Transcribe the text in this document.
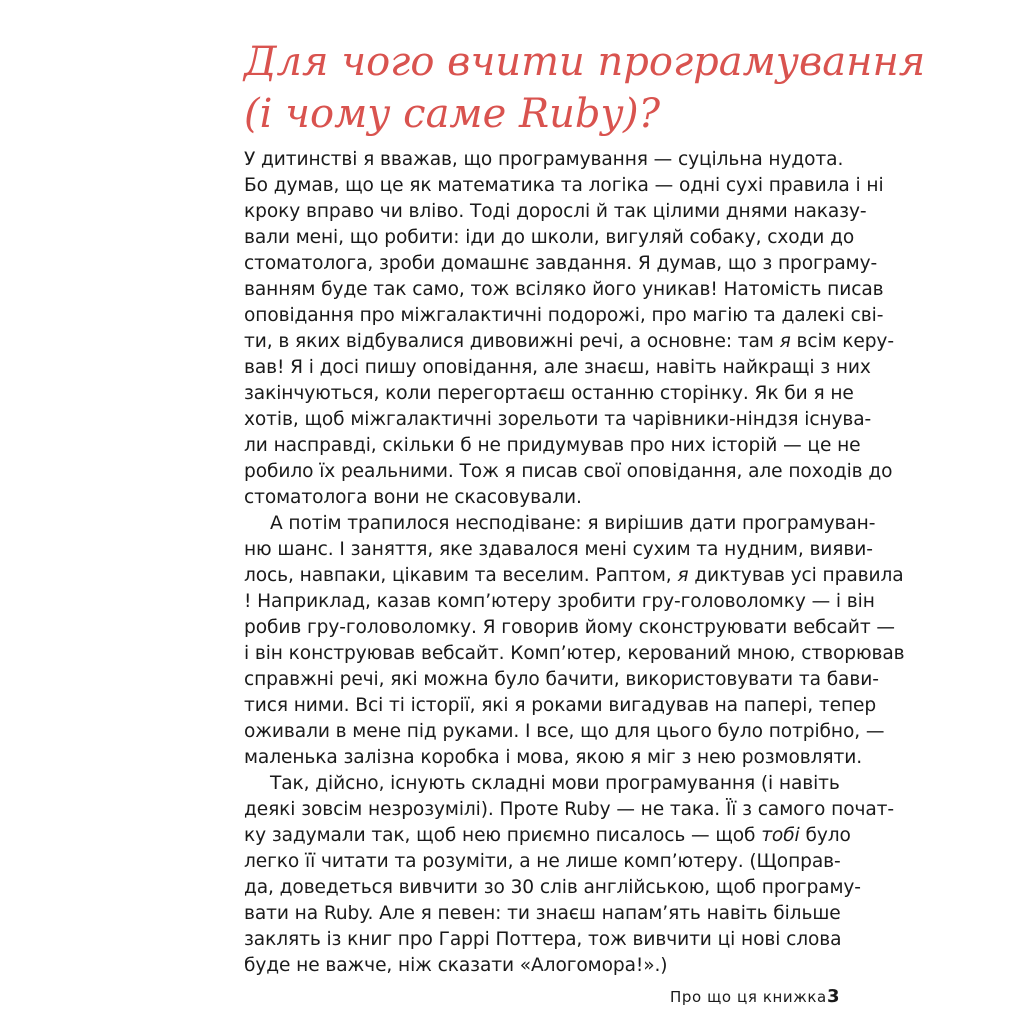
Для чого вчити програмування
(і чому саме Ruby)?
У дитинстві я вважав, що програмування — суцільна нудота.
Бо думав, що це як математика та логіка — одні сухі правила і ні
кроку вправо чи вліво. Тоді дорослі й так цілими днями наказу-
вали мені, що робити: іди до школи, вигуляй собаку, сходи до
стоматолога, зроби домашнє завдання. Я думав, що з програму-
ванням буде так само, тож всіляко його уникав! Натомість писав
оповідання про міжгалактичні подорожі, про магію та далекі сві-
ти, в яких відбувалися дивовижні речі, а основне: там я всім керу-
вав! Я і досі пишу оповідання, але знаєш, навіть найкращі з них
закінчуються, коли перегортаєш останню сторінку. Як би я не
хотів, щоб міжгалактичні зорельоти та чарівники-ніндзя існува-
ли насправді, скільки б не придумував про них історій — це не
робило їх реальними. Тож я писав свої оповідання, але походів до
стоматолога вони не скасовували.
А потім трапилося несподіване: я вирішив дати програмуван-
ню шанс. І заняття, яке здавалося мені сухим та нудним, вияви-
лось, навпаки, цікавим та веселим. Раптом, я диктував усі правила
! Наприклад, казав комп’ютеру зробити гру-головоломку — і він
робив гру-головоломку. Я говорив йому сконструювати вебсайт —
і він конструював вебсайт. Комп’ютер, керований мною, створював
справжні речі, які можна було бачити, використовувати та бави-
тися ними. Всі ті історії, які я роками вигадував на папері, тепер
оживали в мене під руками. І все, що для цього було потрібно, —
маленька залізна коробка і мова, якою я міг з нею розмовляти.
Так, дійсно, існують складні мови програмування (і навіть
деякі зовсім незрозумілі). Проте Ruby — не така. Її з самого почат-
ку задумали так, щоб нею приємно писалось — щоб тобі було
легко її читати та розуміти, а не лише комп’ютеру. (Щоправ-
да, доведеться вивчити зо 30 слів англійською, щоб програму-
вати на Ruby. Але я певен: ти знаєш напам’ять навіть більше
заклять із книг про Гаррі Поттера, тож вивчити ці нові слова
буде не важче, ніж сказати «Алогомора!».)
Про що ця книжка 3
